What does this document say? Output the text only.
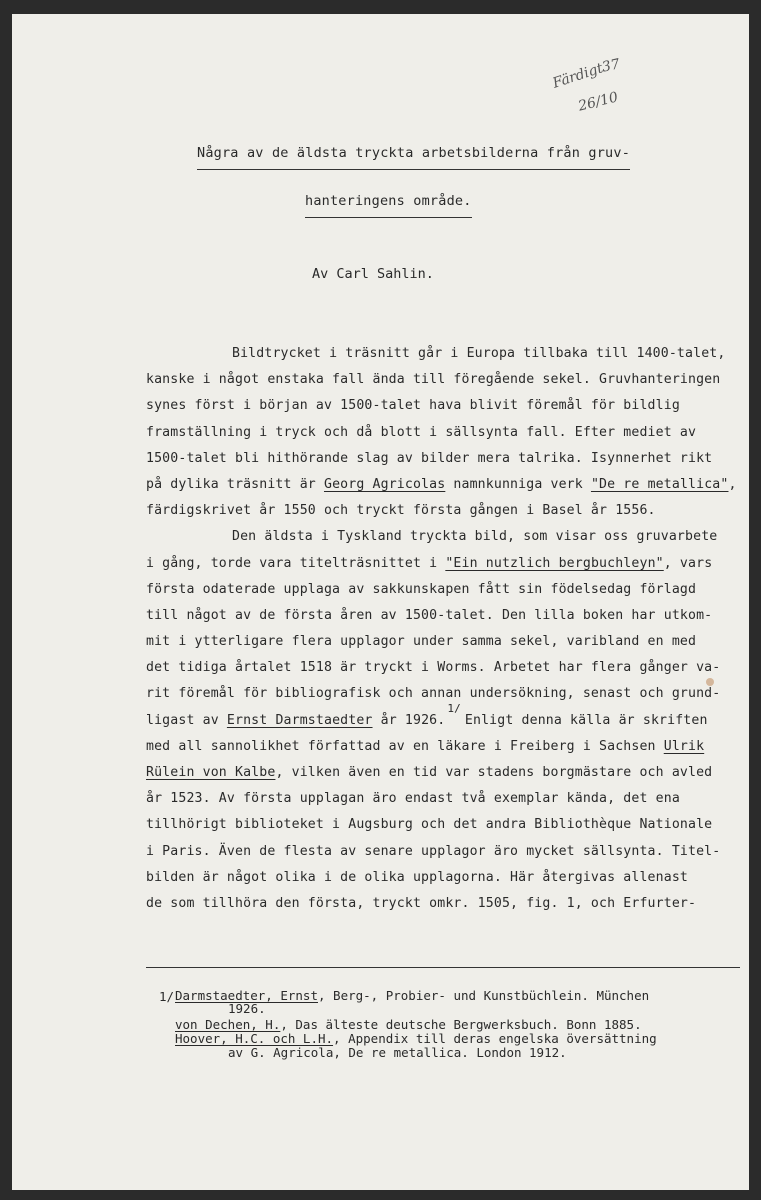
Färdigt
37
26/10
Några av de äldsta tryckta arbetsbilderna från gruv-
hanteringens område.
Av Carl Sahlin.
Bildtrycket i träsnitt går i Europa tillbaka till 1400-talet,
kanske i något enstaka fall ända till föregående sekel. Gruvhanteringen
synes först i början av 1500-talet hava blivit föremål för bildlig
framställning i tryck och då blott i sällsynta fall. Efter mediet av
1500-talet bli hithörande slag av bilder mera talrika. Isynnerhet rikt
på dylika träsnitt är Georg Agricolas namnkunniga verk "De re metallica",
färdigskrivet år 1550 och tryckt första gången i Basel år 1556.
Den äldsta i Tyskland tryckta bild, som visar oss gruvarbete
i gång, torde vara titelträsnittet i "Ein nutzlich bergbuchleyn", vars
första odaterade upplaga av sakkunskapen fått sin födelsedag förlagd
till något av de första åren av 1500-talet. Den lilla boken har utkom-
mit i ytterligare flera upplagor under samma sekel, varibland en med
det tidiga årtalet 1518 är tryckt i Worms. Arbetet har flera gånger va-
rit föremål för bibliografisk och annan undersökning, senast och grund-
ligast av Ernst Darmstaedter år 1926.$^{1/}$Enligt denna källa är skriften
med all sannolikhet författad av en läkare i Freiberg i Sachsen Ulrik
Rülein von Kalbe, vilken även en tid var stadens borgmästare och avled
år 1523. Av första upplagan äro endast två exemplar kända, det ena
tillhörigt biblioteket i Augsburg och det andra Bibliothèque Nationale
i Paris. Även de flesta av senare upplagor äro mycket sällsynta. Titel-
bilden är något olika i de olika upplagorna. Här återgivas allenast
de som tillhöra den första, tryckt omkr. 1505, fig. 1, och Erfurter-
1/ Darmstaedter, Ernst, Berg-, Probier- und Kunstbüchlein. München
1926.
von Dechen, H., Das älteste deutsche Bergwerksbuch. Bonn 1885.
Hoover, H.C. och L.H., Appendix till deras engelska översättning
av G. Agricola, De re metallica. London 1912.
